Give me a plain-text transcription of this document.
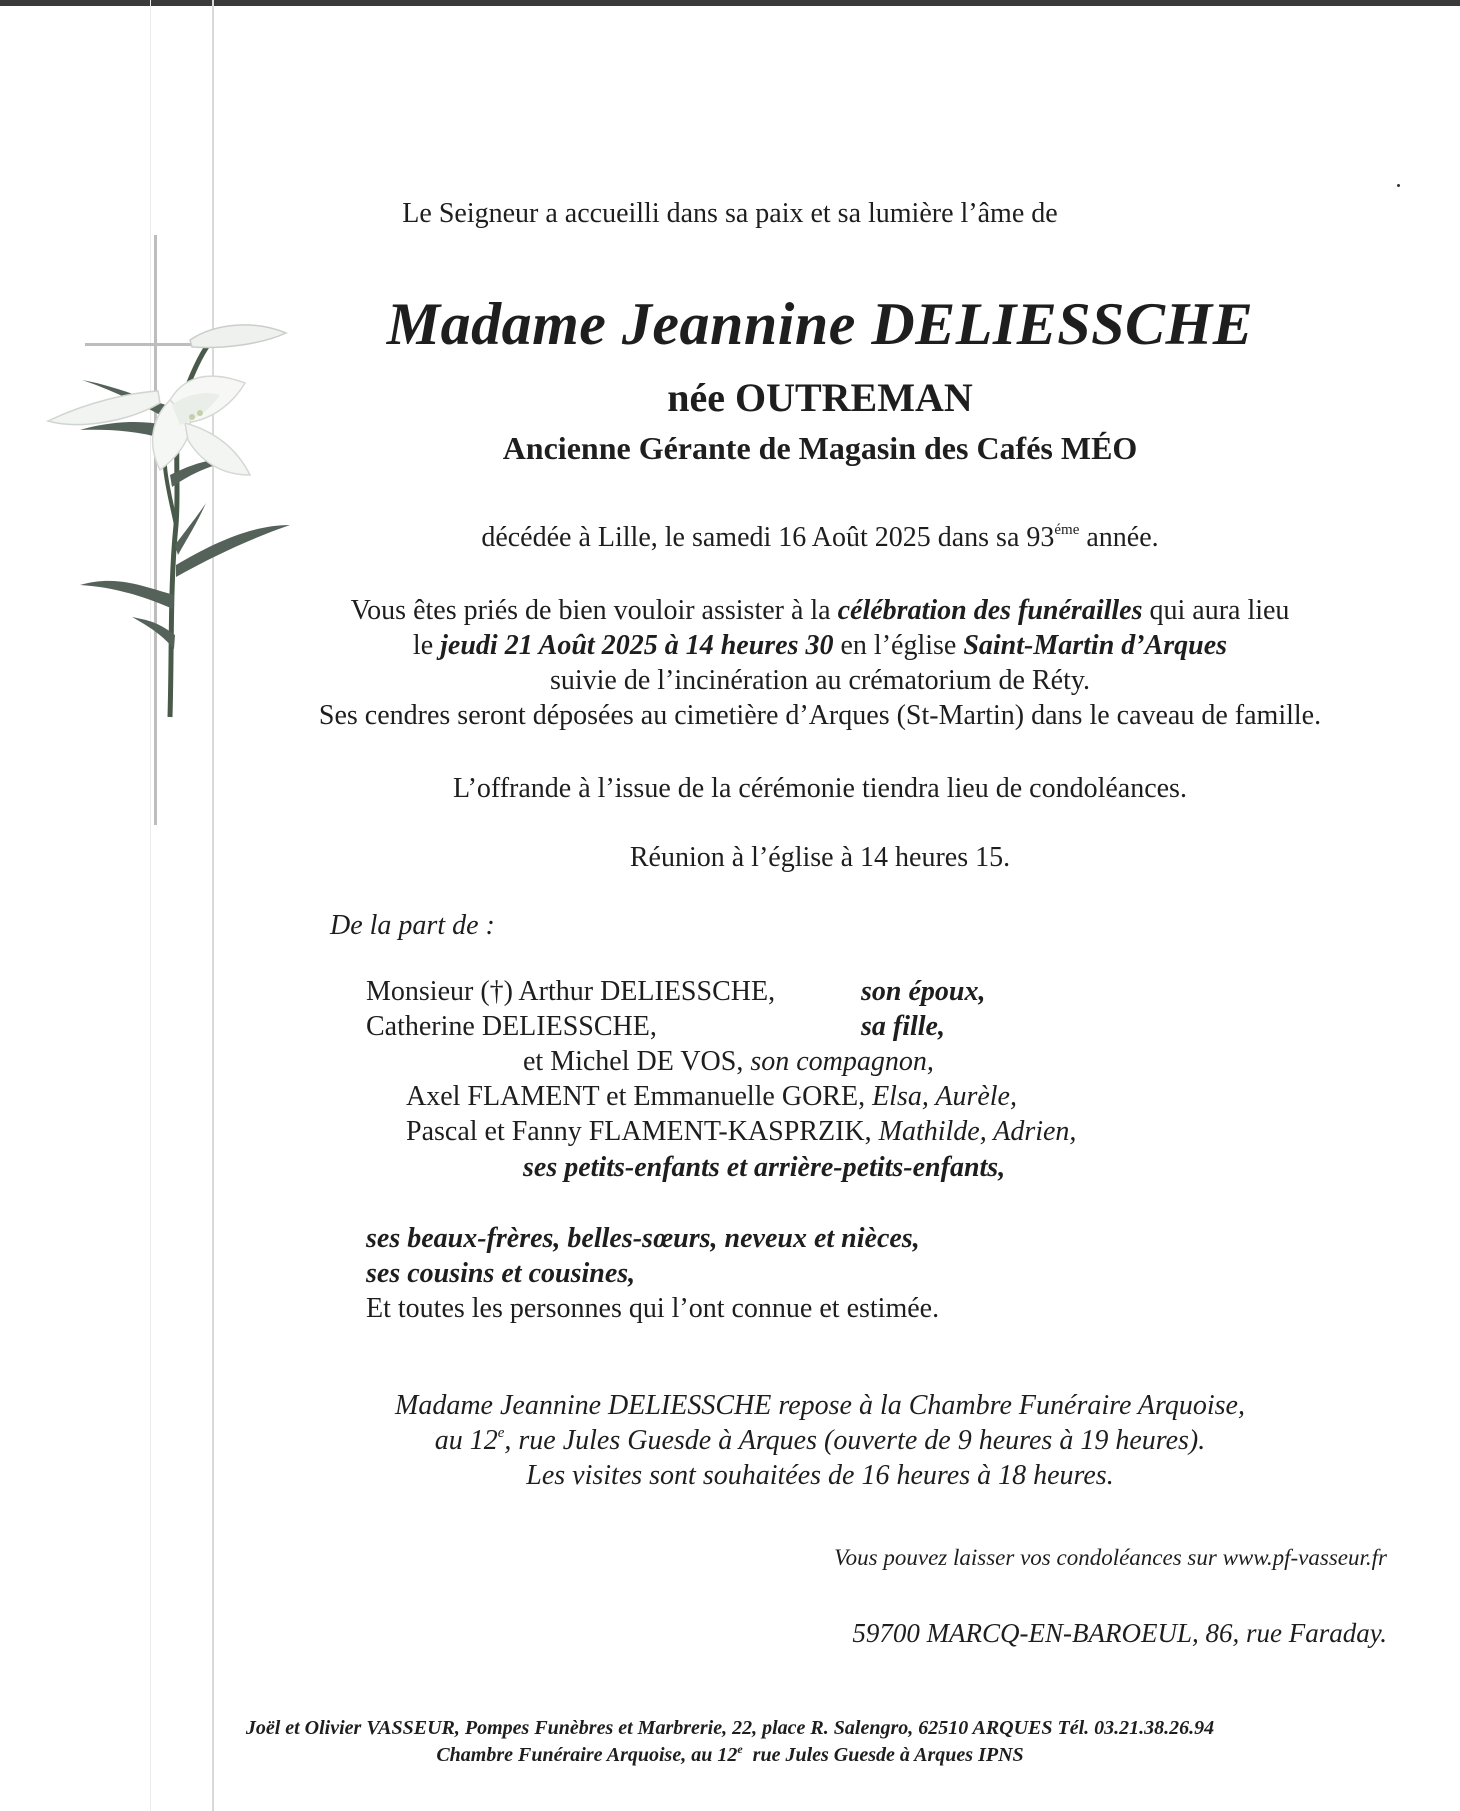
Le Seigneur a accueilli dans sa paix et sa lumière l’âme de
Madame Jeannine DELIESSCHE
née OUTREMAN
Ancienne Gérante de Magasin des Cafés MÉO
décédée à Lille, le samedi 16 Août 2025 dans sa $93^{éme}$ année.
Vous êtes priés de bien vouloir assister à la célébration des funérailles qui aura lieu
le jeudi 21 Août 2025 à 14 heures 30 en l’église Saint-Martin d’Arques
suivie de l’incinération au crématorium de Réty.
Ses cendres seront déposées au cimetière d’Arques (St-Martin) dans le caveau de famille.
L’offrande à l’issue de la cérémonie tiendra lieu de condoléances.
Réunion à l’église à 14 heures 15.
De la part de :
Monsieur (†) Arthur DELIESSCHE,	son époux,
Catherine DELIESSCHE,	sa fille,
et Michel DE VOS, son compagnon,
Axel FLAMENT et Emmanuelle GORE, Elsa, Aurèle,
Pascal et Fanny FLAMENT-KASPRZIK, Mathilde, Adrien,
ses petits-enfants et arrière-petits-enfants,
ses beaux-frères, belles-sœurs, neveux et nièces,
ses cousins et cousines,
Et toutes les personnes qui l’ont connue et estimée.
Madame Jeannine DELIESSCHE repose à la Chambre Funéraire Arquoise,
au 12e, rue Jules Guesde à Arques (ouverte de 9 heures à 19 heures).
Les visites sont souhaitées de 16 heures à 18 heures.
Vous pouvez laisser vos condoléances sur www.pf-vasseur.fr
59700 MARCQ-EN-BAROEUL, 86, rue Faraday.
Joël et Olivier VASSEUR, Pompes Funèbres et Marbrerie, 22, place R. Salengro, 62510 ARQUES Tél. 03.21.38.26.94
Chambre Funéraire Arquoise, au 12e  rue Jules Guesde à Arques IPNS
